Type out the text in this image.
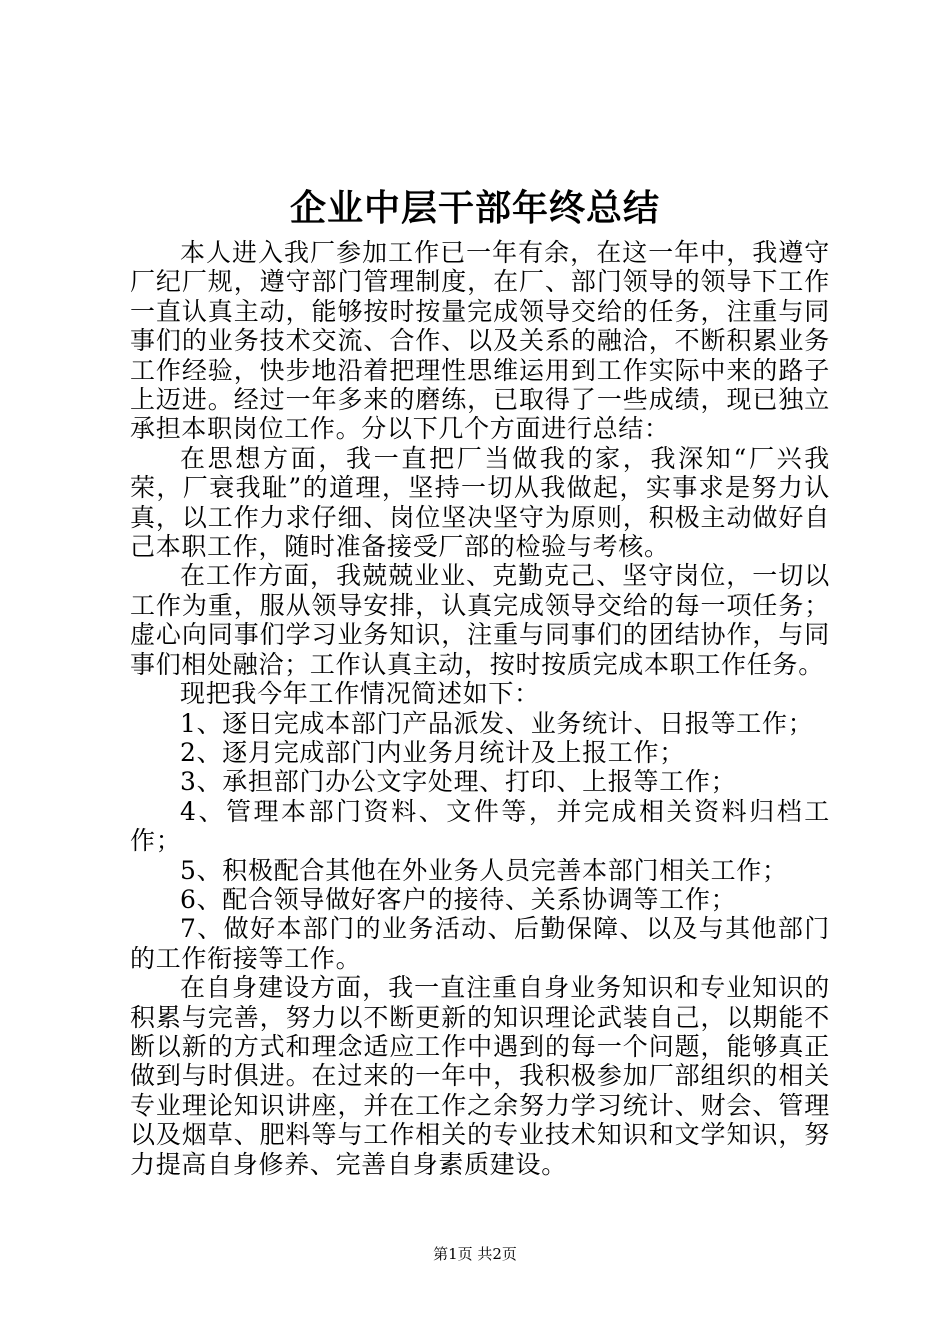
企业中层干部年终总结

本人进入我厂参加工作已一年有余，在这一年中，我遵守厂纪厂规，遵守部门管理制度，在厂、部门领导的领导下工作一直认真主动，能够按时按量完成领导交给的任务，注重与同事们的业务技术交流、合作、以及关系的融洽，不断积累业务工作经验，快步地沿着把理性思维运用到工作实际中来的路子上迈进。经过一年多来的磨练，已取得了一些成绩，现已独立承担本职岗位工作。分以下几个方面进行总结：

在思想方面，我一直把厂当做我的家，我深知“厂兴我荣，厂衰我耻”的道理，坚持一切从我做起，实事求是努力认真，以工作力求仔细、岗位坚决坚守为原则，积极主动做好自己本职工作，随时准备接受厂部的检验与考核。

在工作方面，我兢兢业业、克勤克己、坚守岗位，一切以工作为重，服从领导安排，认真完成领导交给的每一项任务；虚心向同事们学习业务知识，注重与同事们的团结协作，与同事们相处融洽；工作认真主动，按时按质完成本职工作任务。

现把我今年工作情况简述如下：

1、逐日完成本部门产品派发、业务统计、日报等工作；

2、逐月完成部门内业务月统计及上报工作；

3、承担部门办公文字处理、打印、上报等工作；

4、管理本部门资料、文件等，并完成相关资料归档工作；

5、积极配合其他在外业务人员完善本部门相关工作；

6、配合领导做好客户的接待、关系协调等工作；

7、做好本部门的业务活动、后勤保障、以及与其他部门的工作衔接等工作。

在自身建设方面，我一直注重自身业务知识和专业知识的积累与完善，努力以不断更新的知识理论武装自己，以期能不断以新的方式和理念适应工作中遇到的每一个问题，能够真正做到与时俱进。在过来的一年中，我积极参加厂部组织的相关专业理论知识讲座，并在工作之余努力学习统计、财会、管理以及烟草、肥料等与工作相关的专业技术知识和文学知识，努力提高自身修养、完善自身素质建设。

第1页 共2页
